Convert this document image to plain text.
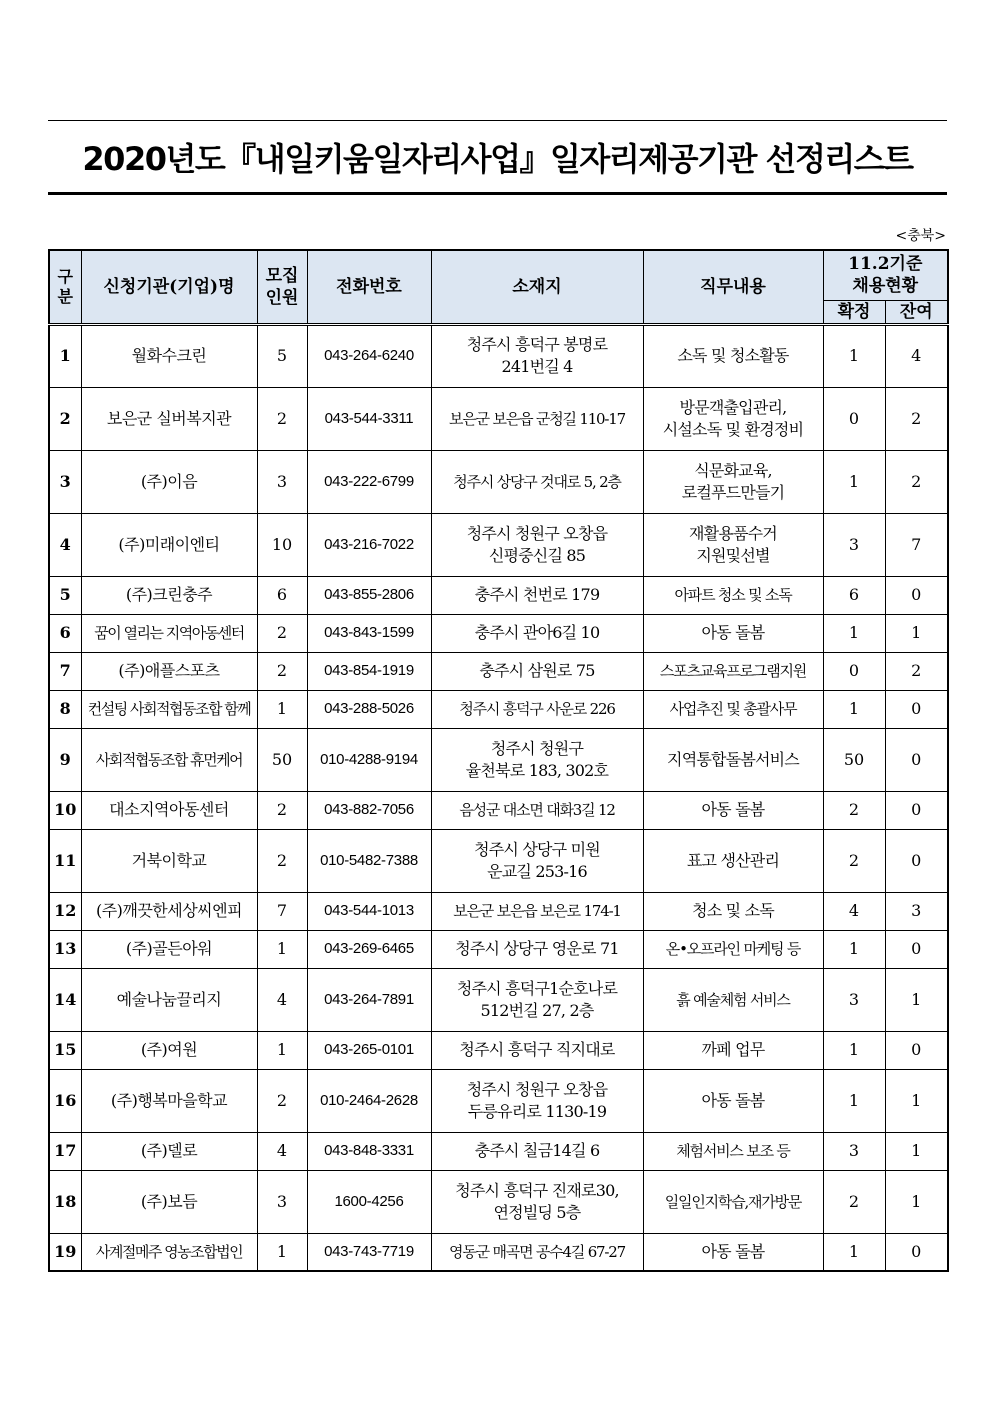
2020년도『내일키움일자리사업』일자리제공기관 선정리스트
<충북>
구
분	신청기관(기업)명	모집
인원	전화번호	소재지	직무내용	11.2기준
채용현황	
						확정	잔여
1	월화수크린	5	043-264-6240	청주시 흥덕구 봉명로
241번길 4	소독 및 청소활동	1	4
2	보은군 실버복지관	2	043-544-3311	보은군 보은읍 군청길 110-17	방문객출입관리,
시설소독 및 환경정비	0	2
3	(주)이음	3	043-222-6799	청주시 상당구 것대로 5, 2층	식문화교육,
로컬푸드만들기	1	2
4	(주)미래이엔티	10	043-216-7022	청주시 청원구 오창읍
신평중신길 85	재활용품수거
지원및선별	3	7
5	(주)크린충주	6	043-855-2806	충주시 천번로 179	아파트 청소 및 소독	6	0
6	꿈이 열리는 지역아동센터	2	043-843-1599	충주시 관아6길 10	아동 돌봄	1	1
7	(주)애플스포츠	2	043-854-1919	충주시 삼원로 75	스포츠교육프로그램지원	0	2
8	컨설팅 사회적협동조합 함께	1	043-288-5026	청주시 흥덕구 사운로 226	사업추진 및 총괄사무	1	0
9	사회적협동조합 휴먼케어	50	010-4288-9194	청주시 청원구
율천북로 183, 302호	지역통합돌봄서비스	50	0
10	대소지역아동센터	2	043-882-7056	음성군 대소면 대화3길 12	아동 돌봄	2	0
11	거북이학교	2	010-5482-7388	청주시 상당구 미원
운교길 253-16	표고 생산관리	2	0
12	(주)깨끗한세상씨엔피	7	043-544-1013	보은군 보은읍 보은로 174-1	청소 및 소독	4	3
13	(주)골든아워	1	043-269-6465	청주시 상당구 영운로 71	온•오프라인 마케팅 등	1	0
14	예술나눔끌리지	4	043-264-7891	청주시 흥덕구1순호나로
512번길 27, 2층	흙 예술체험 서비스	3	1
15	(주)여원	1	043-265-0101	청주시 흥덕구 직지대로	까페 업무	1	0
16	(주)행복마을학교	2	010-2464-2628	청주시 청원구 오창읍
두릉유리로 1130-19	아동 돌봄	1	1
17	(주)델로	4	043-848-3331	충주시 칠금14길 6	체험서비스 보조 등	3	1
18	(주)보듬	3	1600-4256	청주시 흥덕구 진재로30,
연정빌딩 5층	일일인지학습,재가방문	2	1
19	사계절메주 영농조합법인	1	043-743-7719	영동군 매곡면 공수4길 67-27	아동 돌봄	1	0
